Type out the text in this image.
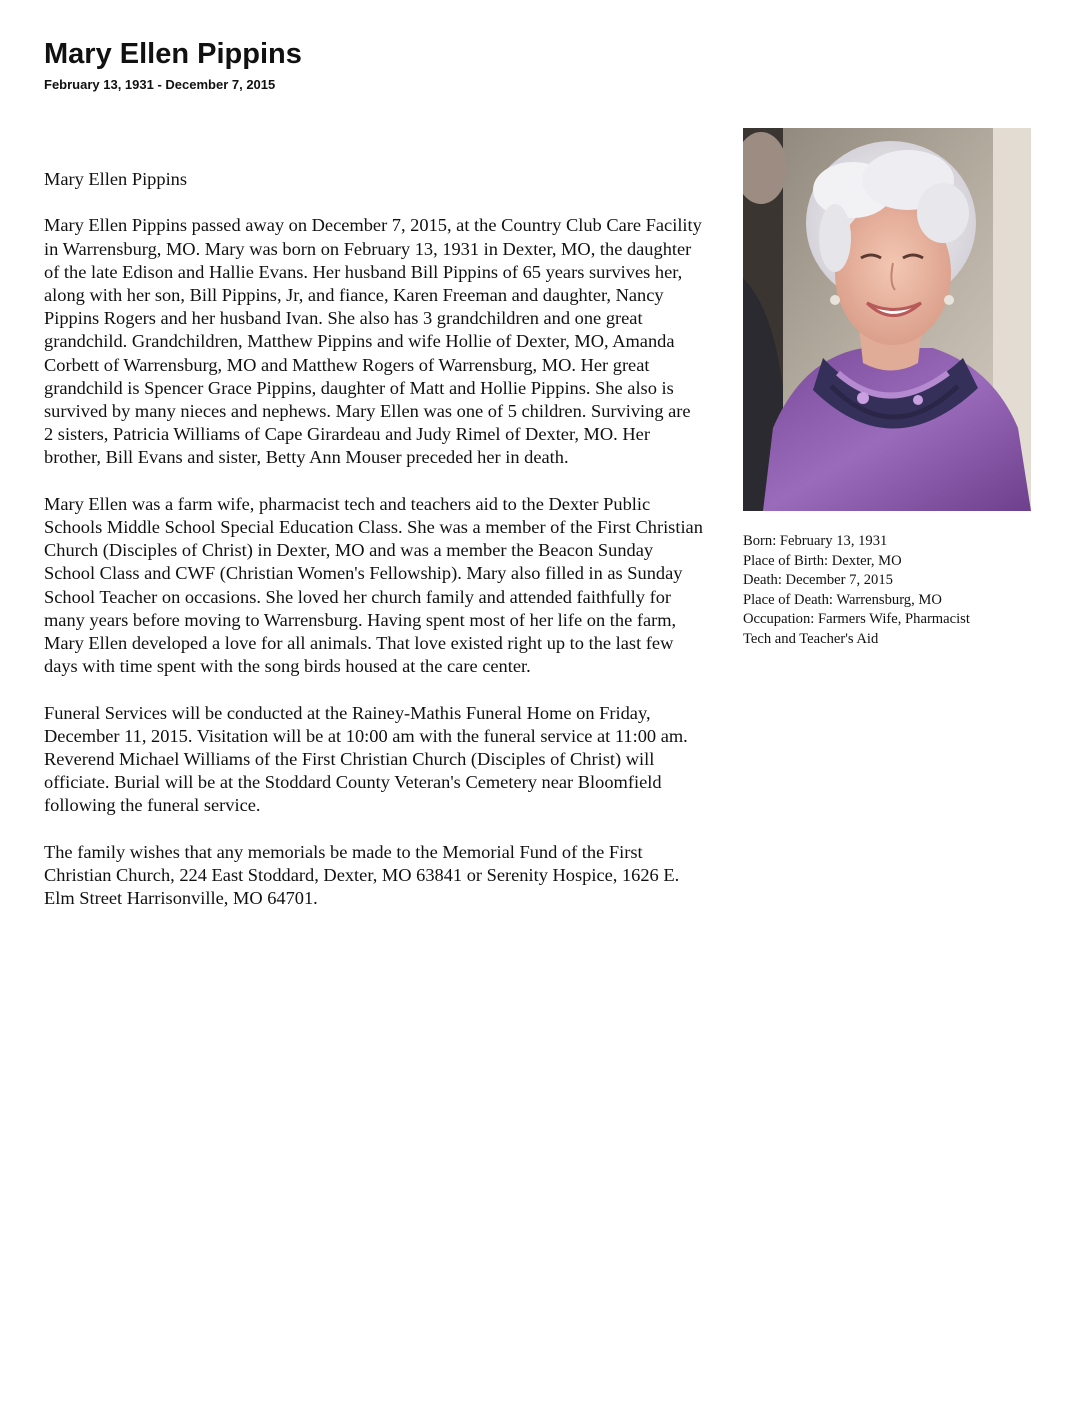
Mary Ellen Pippins
February 13, 1931 - December 7, 2015

Mary Ellen Pippins

Mary Ellen Pippins passed away on December 7, 2015, at the Country Club Care Facility in Warrensburg, MO. Mary was born on February 13, 1931 in Dexter, MO, the daughter of the late Edison and Hallie Evans. Her husband Bill Pippins of 65 years survives her, along with her son, Bill Pippins, Jr, and fiance, Karen Freeman and daughter, Nancy Pippins Rogers and her husband Ivan. She also has 3 grandchildren and one great grandchild. Grandchildren, Matthew Pippins and wife Hollie of Dexter, MO, Amanda Corbett of Warrensburg, MO and Matthew Rogers of Warrensburg, MO. Her great grandchild is Spencer Grace Pippins, daughter of Matt and Hollie Pippins. She also is survived by many nieces and nephews. Mary Ellen was one of 5 children. Surviving are 2 sisters, Patricia Williams of Cape Girardeau and Judy Rimel of Dexter, MO. Her brother, Bill Evans and sister, Betty Ann Mouser preceded her in death.

Mary Ellen was a farm wife, pharmacist tech and teachers aid to the Dexter Public Schools Middle School Special Education Class. She was a member of the First Christian Church (Disciples of Christ) in Dexter, MO and was a member the Beacon Sunday School Class and CWF (Christian Women's Fellowship). Mary also filled in as Sunday School Teacher on occasions. She loved her church family and attended faithfully for many years before moving to Warrensburg. Having spent most of her life on the farm, Mary Ellen developed a love for all animals. That love existed right up to the last few days with time spent with the song birds housed at the care center.

Funeral Services will be conducted at the Rainey-Mathis Funeral Home on Friday, December 11, 2015. Visitation will be at 10:00 am with the funeral service at 11:00 am. Reverend Michael Williams of the First Christian Church (Disciples of Christ) will officiate. Burial will be at the Stoddard County Veteran's Cemetery near Bloomfield following the funeral service.

The family wishes that any memorials be made to the Memorial Fund of the First Christian Church, 224 East Stoddard, Dexter, MO 63841 or Serenity Hospice, 1626 E. Elm Street Harrisonville, MO 64701.

Born: February 13, 1931
Place of Birth: Dexter, MO
Death: December 7, 2015
Place of Death: Warrensburg, MO
Occupation: Farmers Wife, Pharmacist
Tech and Teacher's Aid
